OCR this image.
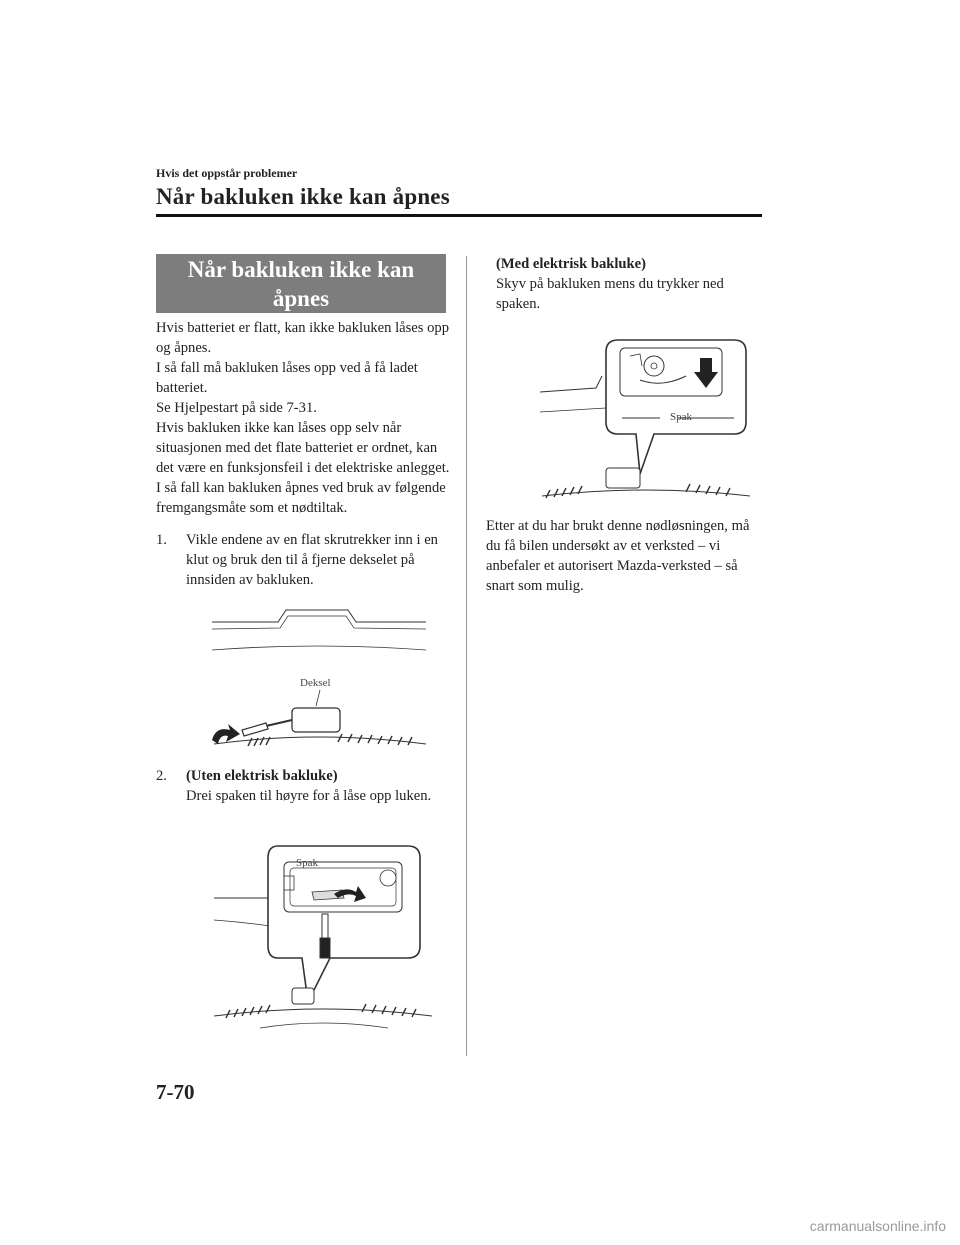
Hvis det oppstår problemer
Når bakluken ikke kan åpnes
Når bakluken ikke kan
åpnes

Hvis batteriet er flatt, kan ikke bakluken låses opp og åpnes.

I så fall må bakluken låses opp ved å få ladet batteriet.

Se Hjelpestart på side 7-31.

Hvis bakluken ikke kan låses opp selv når situasjonen med det flate batteriet er ordnet, kan det være en funksjonsfeil i det elektriske anlegget.

I så fall kan bakluken åpnes ved bruk av følgende fremgangsmåte som et nødtiltak.

1. Vikle endene av en flat skrutrekker inn i en klut og bruk den til å fjerne dekselet på innsiden av bakluken.
Deksel
2. (Uten elektrisk bakluke)
Drei spaken til høyre for å låse opp luken.
Spak
(Med elektrisk bakluke)
Skyv på bakluken mens du trykker ned spaken.
Spak
Etter at du har brukt denne nødløsningen, må du få bilen undersøkt av et verksted – vi anbefaler et autorisert Mazda-verksted – så snart som mulig.
7-70
carmanualsonline.info
